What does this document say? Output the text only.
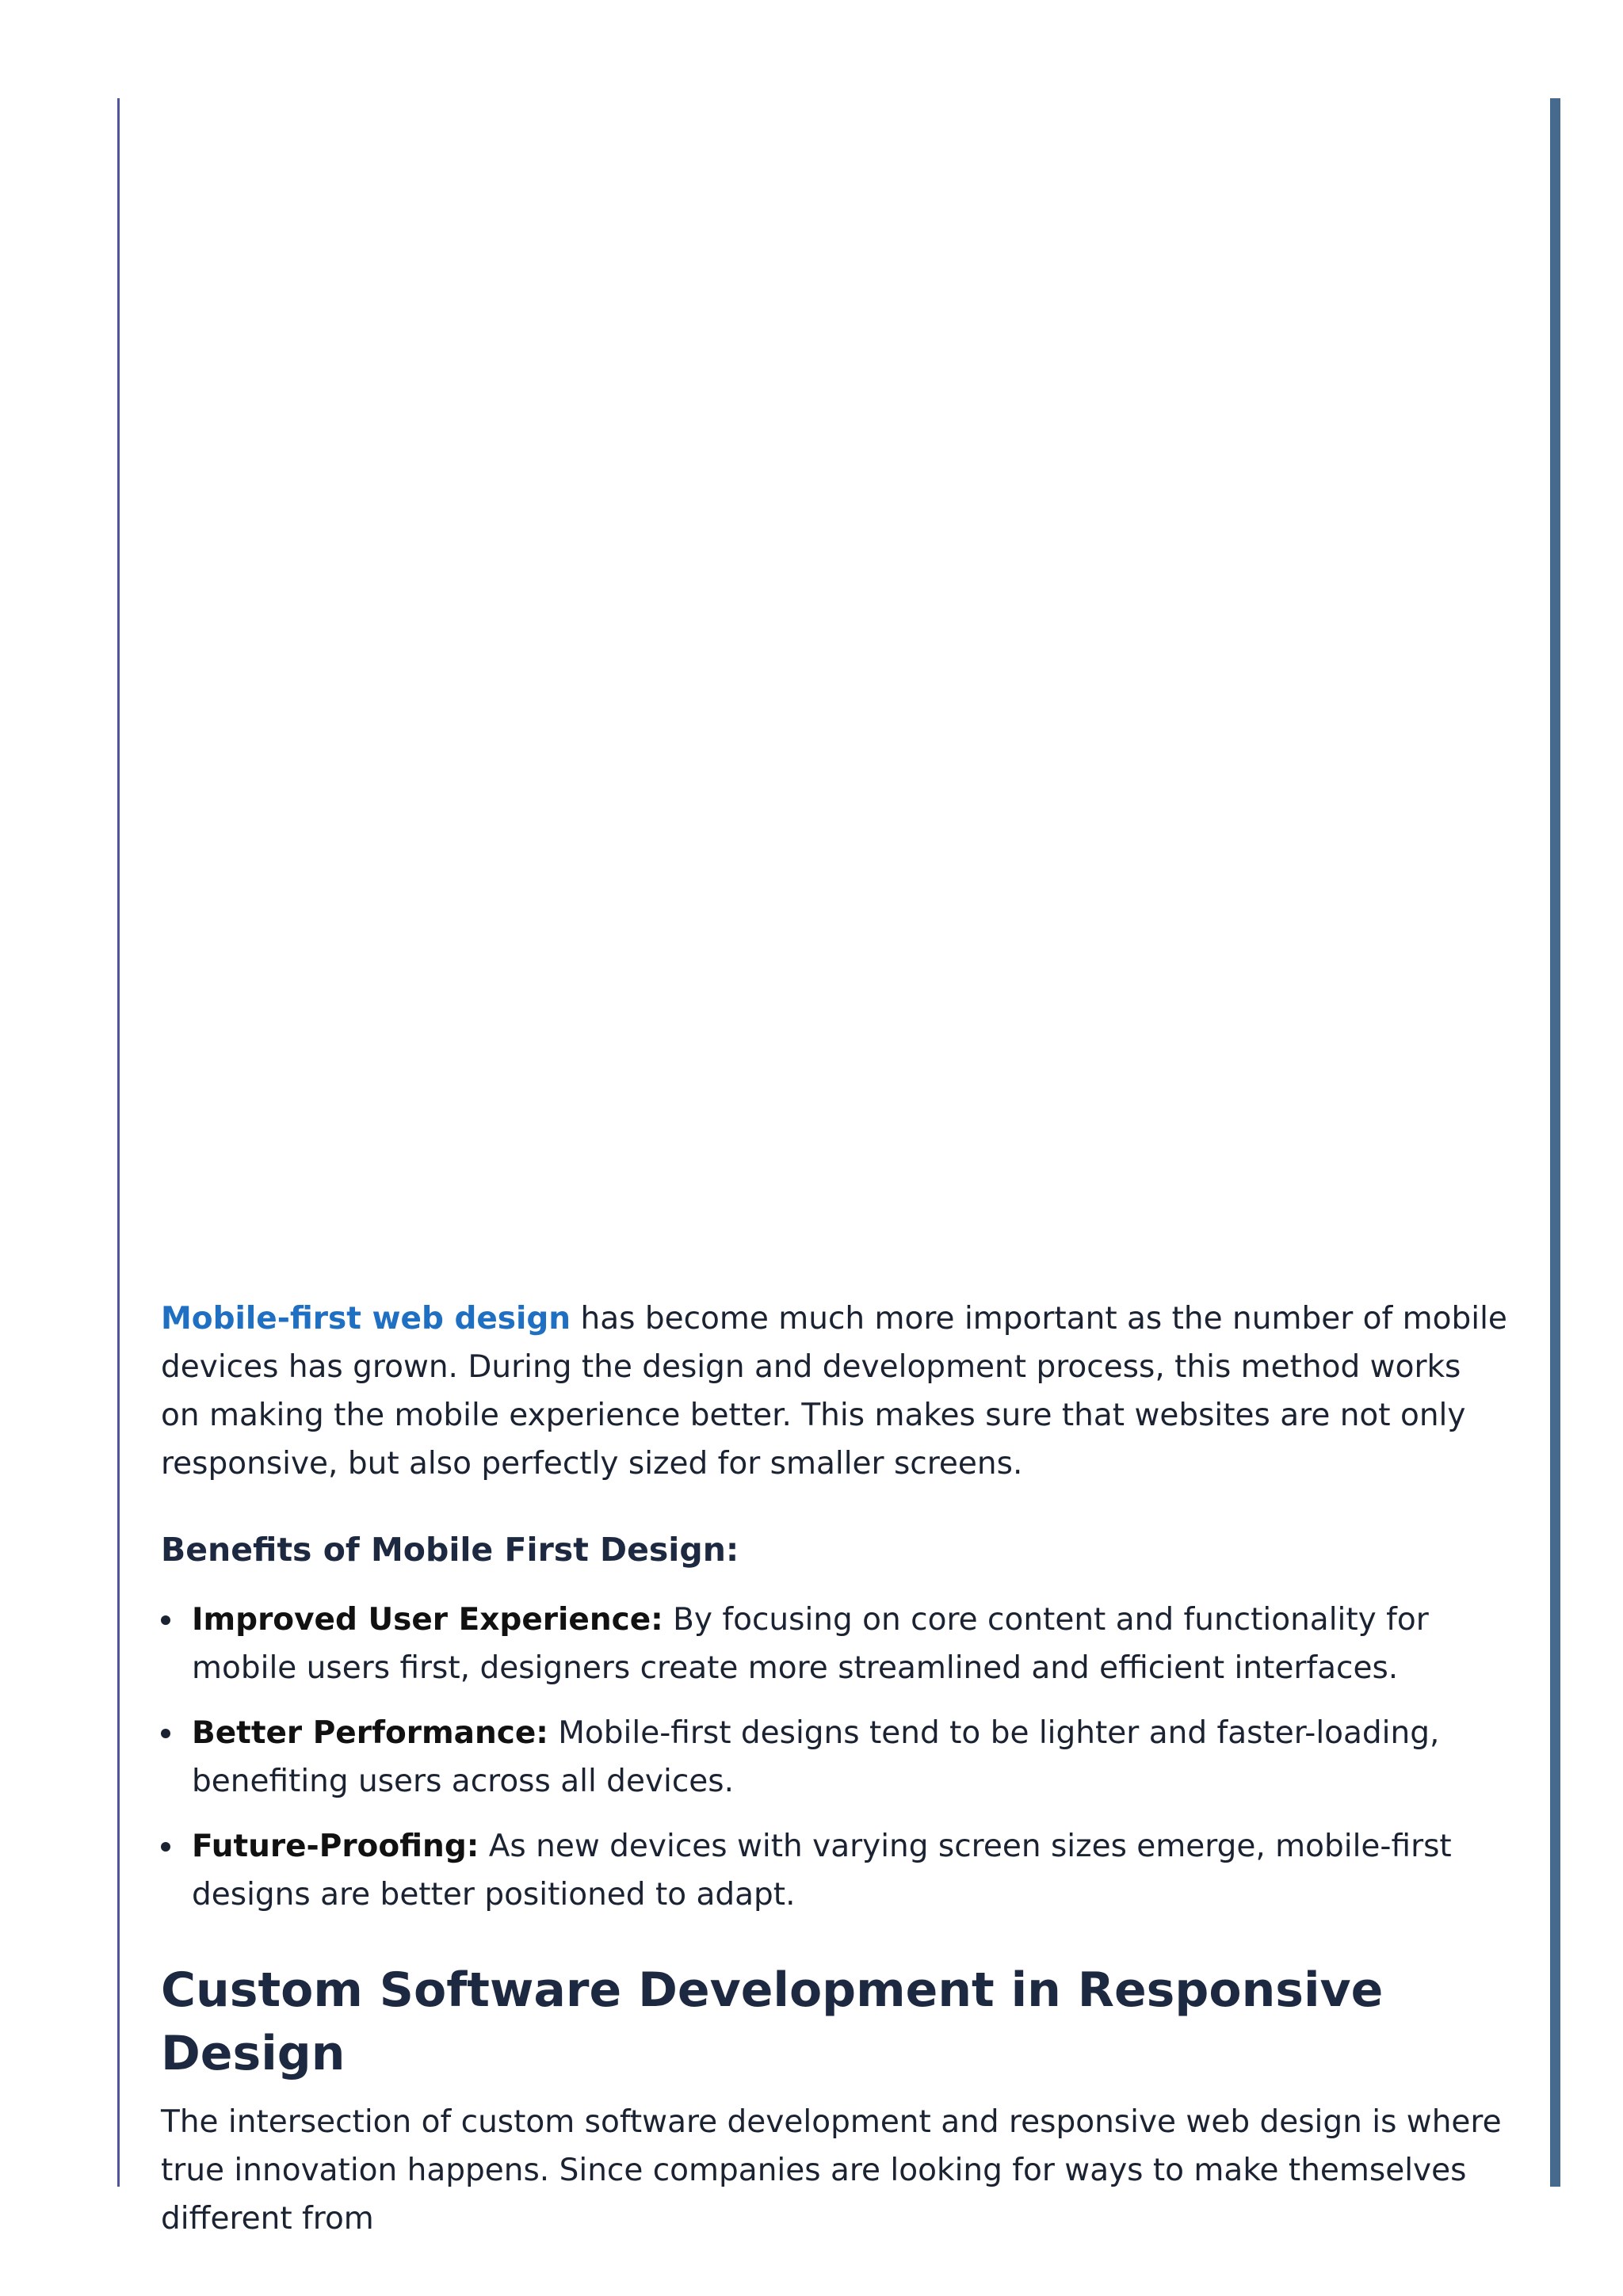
Mobile-first web design has become much more important as the number of mobile devices has grown. During the design and development process, this method works on making the mobile experience better. This makes sure that websites are not only responsive, but also perfectly sized for smaller screens.

Benefits of Mobile First Design:
Improved User Experience: By focusing on core content and functionality for mobile users first, designers create more streamlined and efficient interfaces.
Better Performance: Mobile-first designs tend to be lighter and faster-loading, benefiting users across all devices.
Future-Proofing: As new devices with varying screen sizes emerge, mobile-first designs are better positioned to adapt.
Custom Software Development in Responsive Design

The intersection of custom software development and responsive web design is where true innovation happens. Since companies are looking for ways to make themselves different from
